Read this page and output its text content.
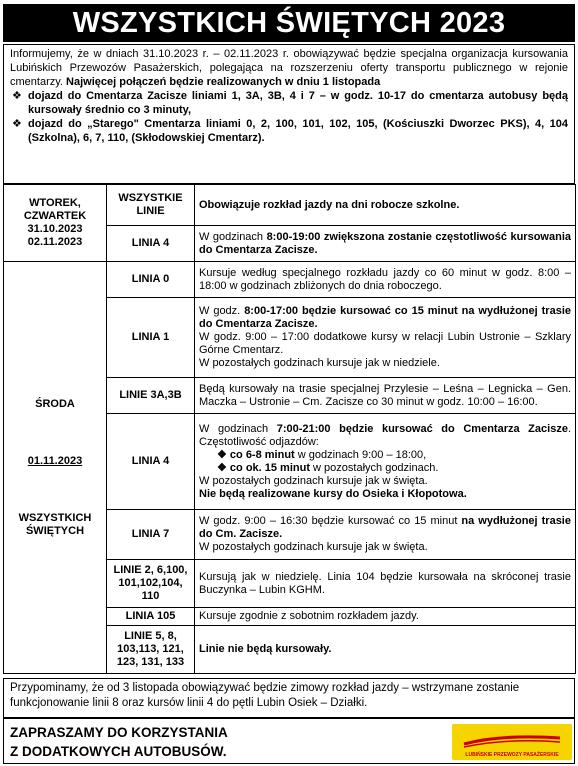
WSZYSTKICH ŚWIĘTYCH 2023

Informujemy, że w dniach 31.10.2023 r. – 02.11.2023 r. obowiązywać będzie specjalna organizacja kursowania Lubińskich Przewozów Pasażerskich, polegająca na rozszerzeniu oferty transportu publicznego w rejonie cmentarzy. Najwięcej połączeń będzie realizowanych w dniu 1 listopada

❖ dojazd do Cmentarza Zacisze liniami 1, 3A, 3B, 4 i 7 – w godz. 10-17 do cmentarza autobusy będą kursowały średnio co 3 minuty,
❖ dojazd do „Starego" Cmentarza liniami 0, 2, 100, 101, 102, 105, (Kościuszki Dworzec PKS), 4, 104 (Szkolna), 6, 7, 110, (Skłodowskiej Cmentarz).
WTOREK, CZWARTEK
31.10.2023
02.11.2023	WSZYSTKIE LINIE	Obowiązuje rozkład jazdy na dni robocze szkolne.
	LINIA 4	W godzinach 8:00-19:00 zwiększona zostanie częstotliwość kursowania do Cmentarza Zacisze.

ŚRODA
01.11.2023
WSZYSTKICH ŚWIĘTYCH	LINIA 0	Kursuje według specjalnego rozkładu jazdy co 60 minut w godz. 8:00 – 18:00 w godzinach zbliżonych do dnia roboczego.
	LINIA 1	W godz. 8:00-17:00 będzie kursować co 15 minut na wydłużonej trasie do Cmentarza Zacisze.
W godz. 9:00 – 17:00 dodatkowe kursy w relacji Lubin Ustronie – Szklary Górne Cmentarz.
W pozostałych godzinach kursuje jak w niedziele.

	LINIE 3A,3B	Będą kursowały na trasie specjalnej Przylesie – Leśna – Legnicka – Gen. Maczka – Ustronie – Cm. Zacisze co 30 minut w godz. 10:00 – 16:00.
	LINIA 4	W godzinach 7:00-21:00 będzie kursować do Cmentarza Zacisze. Częstotliwość odjazdów:
❖ co 6-8 minut w godzinach 9:00 – 18:00,
❖ co ok. 15 minut w pozostałych godzinach.
W pozostałych godzinach kursuje jak w święta.
Nie będą realizowane kursy do Osieka i Kłopotowa.

	LINIA 7	W godz. 9:00 – 16:30 będzie kursować co 15 minut na wydłużonej trasie do Cm. Zacisze.
W pozostałych godzinach kursuje jak w święta.

	LINIE 2, 6,100, 101,102,104, 110	Kursują jak w niedzielę. Linia 104 będzie kursowała na skróconej trasie Buczynka – Lubin KGHM.
	LINIA 105	Kursuje zgodnie z sobotnim rozkładem jazdy.
	LINIE 5, 8, 103,113, 121, 123, 131, 133	Linie nie będą kursowały.
Przypominamy, że od 3 listopada obowiązywać będzie zimowy rozkład jazdy – wstrzymane zostanie funkcjonowanie linii 8 oraz kursów linii 4 do pętli Lubin Osiek – Działki.
ZAPRASZAMY DO KORZYSTANIA
Z DODATKOWYCH AUTOBUSÓW.	LUBIŃSKIE PRZEWOZY PASAŻERSKIE
